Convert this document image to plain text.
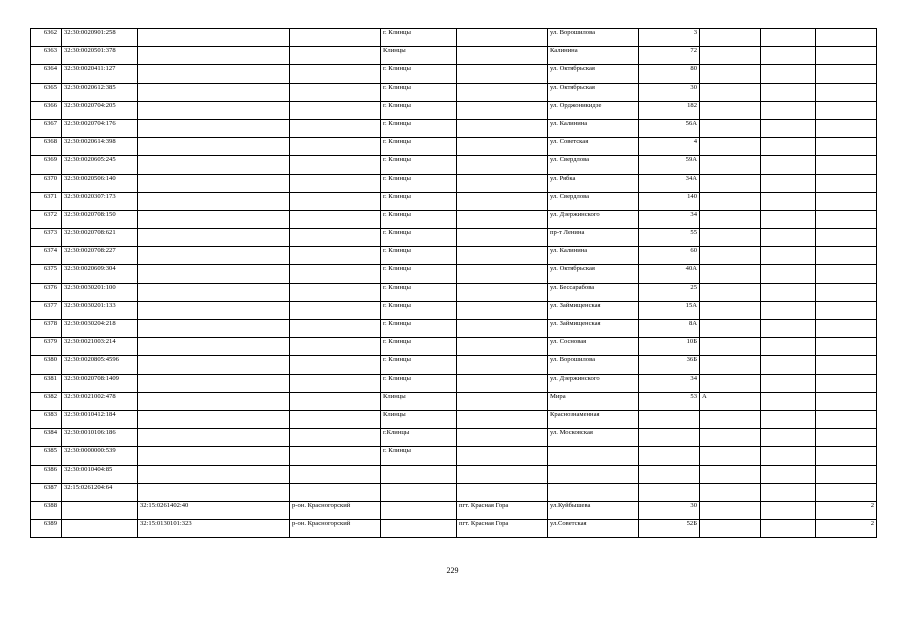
6362	32:30:0020901:258			г. Клинцы		ул. Ворошилова	3			
6363	32:30:0020501:378			Клинцы		Калинина	72			
6364	32:30:0020411:127			г. Клинцы		ул. Октябрьская	80			
6365	32:30:0020612:385			г. Клинцы		ул. Октябрьская	30			
6366	32:30:0020704:205			г. Клинцы		ул. Орджоникидзе	182			
6367	32:30:0020704:176			г. Клинцы		ул. Калинина	56А			
6368	32:30:0020614:398			г. Клинцы		ул. Советская	4			
6369	32:30:0020605:245			г. Клинцы		ул. Свердлова	59А			
6370	32:30:0020506:140			г. Клинцы		ул. Рябка	34А			
6371	32:30:0020307:173			г. Клинцы		ул. Свердлова	140			
6372	32:30:0020708:150			г. Клинцы		ул. Дзержинского	34			
6373	32:30:0020708:621			г. Клинцы		пр-т Ленина	55			
6374	32:30:0020708:227			г. Клинцы		ул. Калинина	60			
6375	32:30:0020609:304			г. Клинцы		ул. Октябрьская	40А			
6376	32:30:0030201:100			г. Клинцы		ул. Бессарабова	25			
6377	32:30:0030201:133			г. Клинцы		ул. Займищенская	15А			
6378	32:30:0030204:218			г. Клинцы		ул. Займищенская	8А			
6379	32:30:0021003:214			г. Клинцы		ул. Сосновая	10Б			
6380	32:30:0020805:4596			г. Клинцы		ул. Ворошилова	36Б			
6381	32:30:0020708:1409			г. Клинцы		ул. Дзержинского	34			
6382	32:30:0021002:478			Клинцы		Мира	53	А		
6383	32:30:0010412:184			Клинцы		Краснознаменная				
6384	32:30:0010106:186			г.Клинцы		ул. Московская				
6385	32:30:0000000:539			г. Клинцы						
6386	32:30:0010404:85									
6387	32:15:0261204:64									
6388		32:15:0261402:40	р-он. Красногорский		пгт. Красная Гора	ул.Куйбышева	30			2
6389		32:15:0130101:323	р-он. Красногорский		пгт. Красная Гора	ул.Советская	52Б			2
229
